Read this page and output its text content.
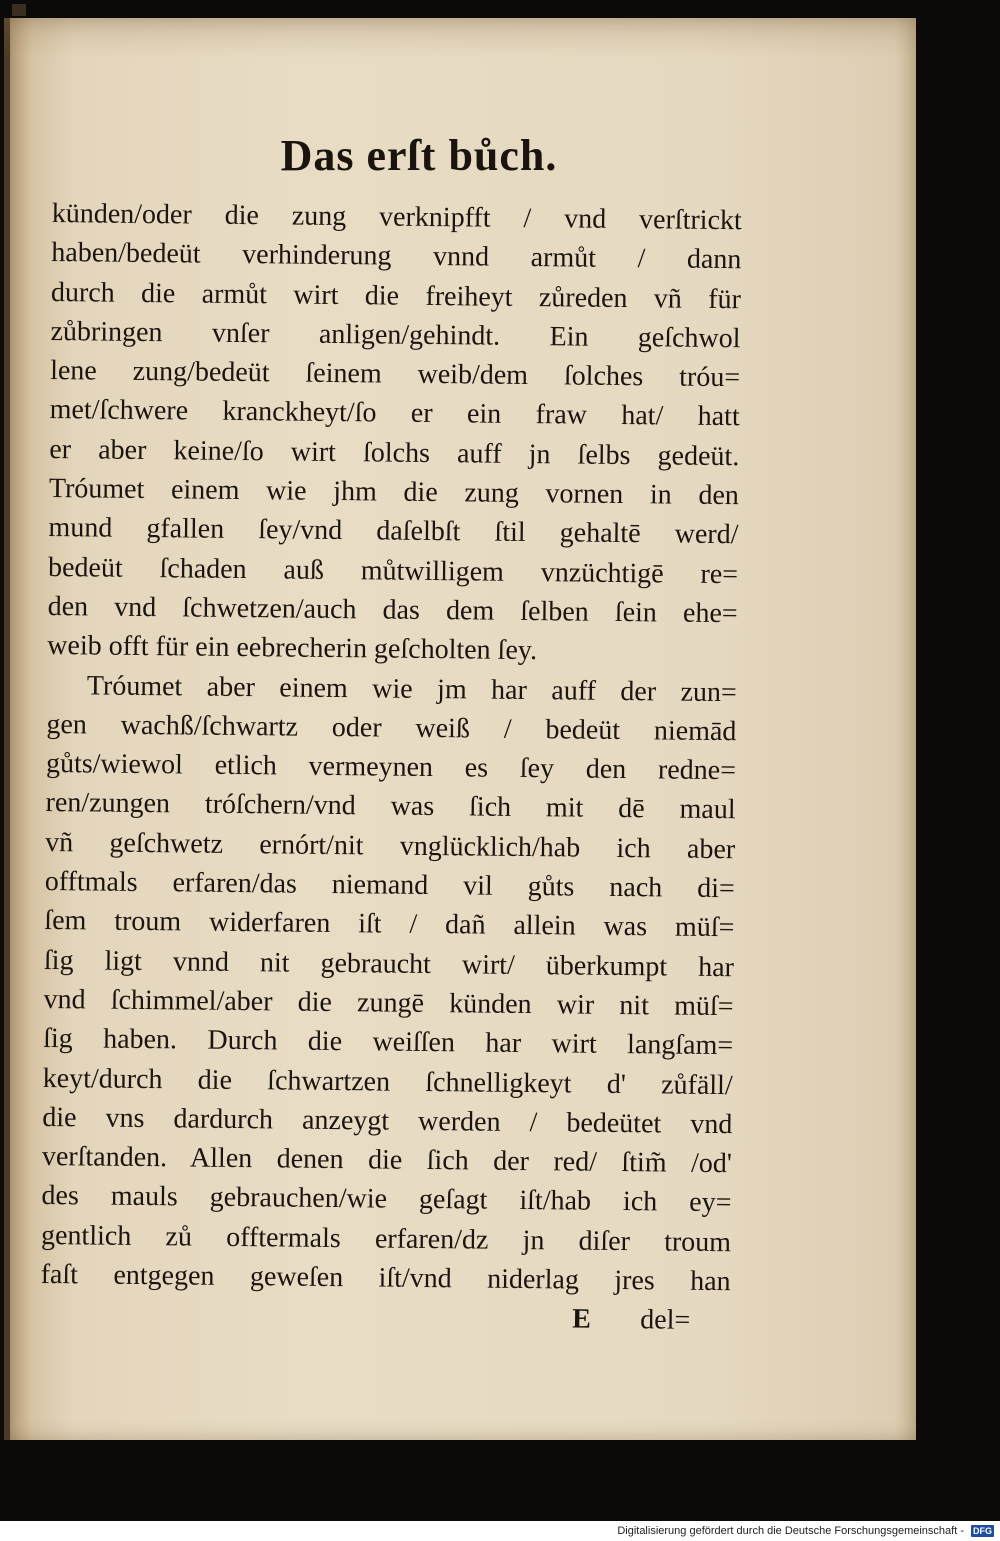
Das erſt bůch.
künden/oder die zung verknipfft / vnd verſtrickt
haben/bedeüt verhinderung vnnd armůt / dann
durch die armůt wirt die freiheyt zůreden vñ für
zůbringen vnſer anligen/gehindt. Ein geſchwol
lene zung/bedeüt ſeinem weib/dem ſolches tróu=
met/ſchwere kranckheyt/ſo er ein fraw hat/ hatt
er aber keine/ſo wirt ſolchs auff jn ſelbs gedeüt.
Tróumet einem wie jhm die zung vornen in den
mund gfallen ſey/vnd daſelbſt ſtil gehaltē werd/
bedeüt ſchaden auß můtwilligem vnzüchtigē re=
den vnd ſchwetzen/auch das dem ſelben ſein ehe=
weib offt für ein eebrecherin geſcholten ſey.
Tróumet aber einem wie jm har auff der zun=
gen wachß/ſchwartz oder weiß / bedeüt niemād
gůts/wiewol etlich vermeynen es ſey den redne=
ren/zungen tróſchern/vnd was ſich mit dē maul
vñ geſchwetz ernórt/nit vnglücklich/hab ich aber
offtmals erfaren/das niemand vil gůts nach di=
ſem troum widerfaren iſt / dañ allein was müſ=
ſig ligt vnnd nit gebraucht wirt/ überkumpt har
vnd ſchimmel/aber die zungē künden wir nit müſ=
ſig haben. Durch die weiſſen har wirt langſam=
keyt/durch die ſchwartzen ſchnelligkeyt d' zůfäll/
die vns dardurch anzeygt werden / bedeütet vnd
verſtanden. Allen denen die ſich der red/ ſtim̃ /od'
des mauls gebrauchen/wie geſagt iſt/hab ich ey=
gentlich zů offtermals erfaren/dz jn diſer troum
faſt entgegen geweſen iſt/vnd niderlag jres han
E del=
Digitalisierung gefördert durch die Deutsche Forschungsgemeinschaft - DFG
